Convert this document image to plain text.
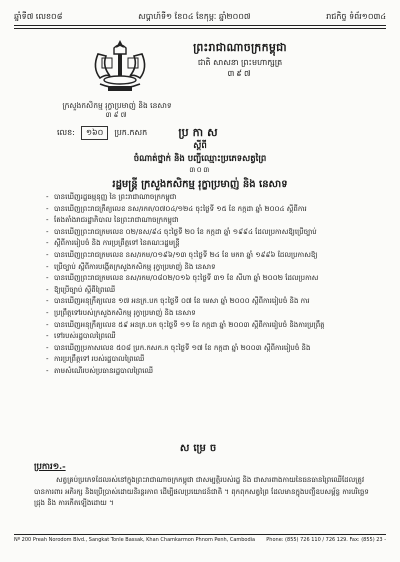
ឆ្នាំទី៧ លេខ០៨	សប្តាហ៍ទី១ ខែ០៤ ខែកុម្ភៈ ឆ្នាំ២០០៧	រាជកិច្ច ទំព័រ១០៣៤
ព្រះរាជាណាចក្រកម្ពុជា
ជាតិ សាសនា ព្រះមហាក្សត្រ
៣៩៧
ក្រសួងកសិកម្ម រុក្ខាប្រមាញ់ និង នេសាទ
៣៩៧
លេខ:	១៦០	ប្រក.កសក	ប្រកាស
ស្តីពី
ចំណាត់ថ្នាក់ និង បញ្ជីឈ្មោះប្រភេទសត្វព្រៃ
៣០៣
រដ្ឋមន្ត្រី ក្រសួងកសិកម្ម រុក្ខាប្រមាញ់ និង នេសាទ
- បានឃើញរដ្ឋធម្មនុញ្ញ នៃ ព្រះរាជាណាចក្រកម្ពុជា
- បានឃើញព្រះរាជក្រឹត្យលេខ នស/រកត/០៧០៤/១២៤ ចុះថ្ងៃទី ១៥ ខែ កក្កដា ឆ្នាំ ២០០៤ ស្តីពីការ
- តែងតាំងរាជរដ្ឋាភិបាល នៃព្រះរាជាណាចក្រកម្ពុជា
- បានឃើញព្រះរាជក្រមលេខ ០២/នស/៩៤ ចុះថ្ងៃទី ២០ ខែ កក្កដា ឆ្នាំ ១៩៩៤ ដែលប្រកាសឱ្យប្រើច្បាប់
- ស្តីពីការរៀបចំ និង ការប្រព្រឹត្តទៅ នៃគណៈរដ្ឋមន្ត្រី
- បានឃើញព្រះរាជក្រមលេខ នស/រកម/០១៩៦/១៣ ចុះថ្ងៃទី ២៤ ខែ មករា ឆ្នាំ ១៩៩៦ ដែលប្រកាសឱ្យ
- ប្រើច្បាប់ ស្តីពីការបង្កើតក្រសួងកសិកម្ម រុក្ខាប្រមាញ់ និង នេសាទ
- បានឃើញព្រះរាជក្រមលេខ នស/រកម/០៨០២/០១៦ ចុះថ្ងៃទី ៣១ ខែ សីហា ឆ្នាំ ២០០២ ដែលប្រកាស
- ឱ្យប្រើច្បាប់ ស្តីពីព្រៃឈើ
- បានឃើញអនុក្រឹត្យលេខ ១៧ អនក្រ.បក ចុះថ្ងៃទី ០៧ ខែ មេសា ឆ្នាំ ២០០០ ស្តីពីការរៀបចំ និង ការ
- ប្រព្រឹត្តទៅរបស់ក្រសួងកសិកម្ម រុក្ខាប្រមាញ់ និង នេសាទ
- បានឃើញអនុក្រឹត្យលេខ ៥៩ អនក្រ.បក ចុះថ្ងៃទី ១១ ខែ កក្កដា ឆ្នាំ ២០០៣ ស្តីពីការរៀបចំ និងការប្រព្រឹត្ត
- ទៅរបស់រដ្ឋបាលព្រៃឈើ
- បានឃើញប្រកាសលេខ ៥០៨ ប្រក.កសក.ក ចុះថ្ងៃទី ១៧ ខែ កក្កដា ឆ្នាំ ២០០៣ ស្តីពីការរៀបចំ និង
- ការប្រព្រឹត្តទៅ របស់រដ្ឋបាលព្រៃឈើ
- តាមសំណើរបស់ប្រធានរដ្ឋបាលព្រៃឈើ
សម្រេច
ប្រការ១.-
សត្វគ្រប់ប្រភេទដែលរស់នៅក្នុងព្រះរាជាណាចក្រកម្ពុជា ជាសម្បត្តិរបស់រដ្ឋ និង ជាសារពាងកាយនៃធនធានព្រៃឈើដែលត្រូវបានការពារ អភិរក្ស និងប្រើប្រាស់ដោយនិរន្តរភាព ដើម្បីផលប្រយោជន៍ជាតិ ។ ពុកពុកសត្វព្រៃ ដែលមានក្នុងបញ្ជីឧបសម្ព័ន្ធ ការបរិច្ឆេទ ជ្រុង និង ការកើតឡើងដោយ ។
Nº 200 Preah Norodom Blvd., Sangkat Tonle Bassak, Khan Chamkarmon Phnom Penh, Cambodia Phone: (855) 726 110 / 726 129. Fax: (855) 23 -
